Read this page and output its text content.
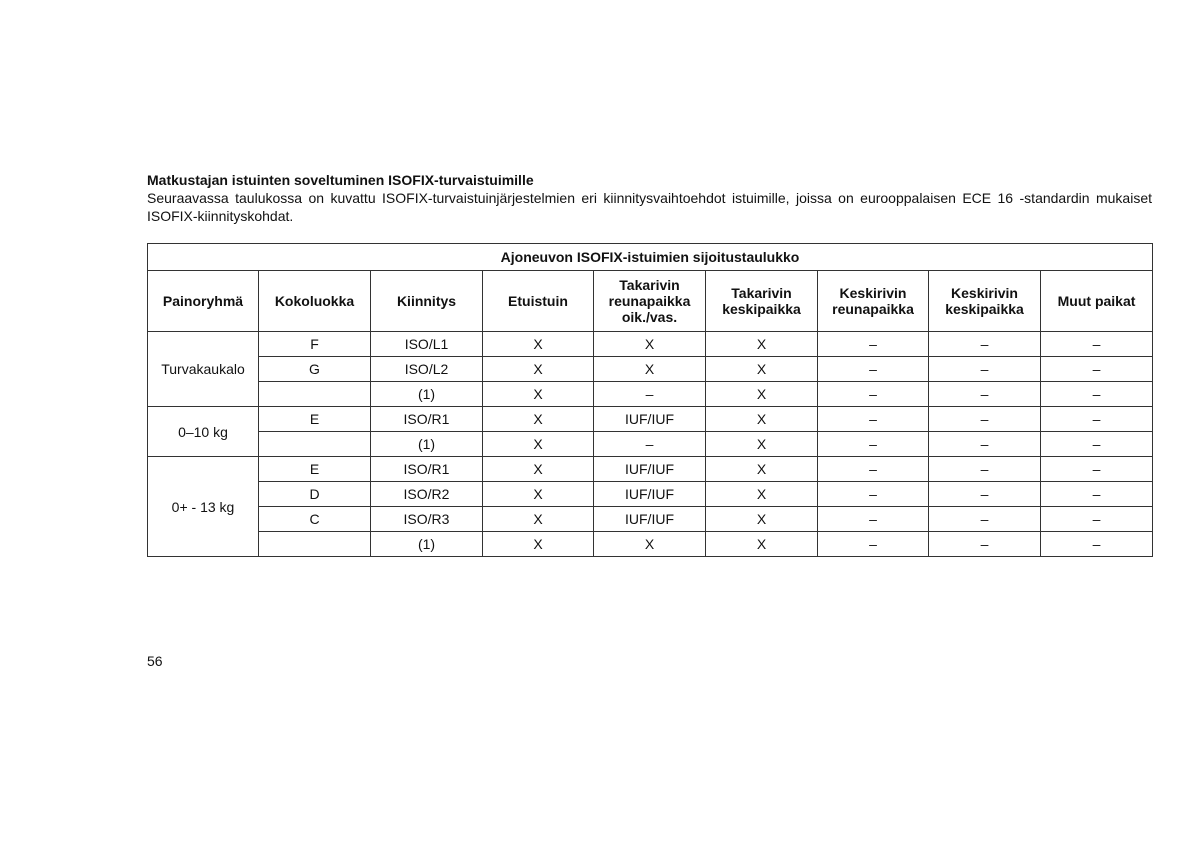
Matkustajan istuinten soveltuminen ISOFIX-turvaistuimille
Seuraavassa taulukossa on kuvattu ISOFIX-turvaistuinjärjestelmien eri kiinnitysvaihtoehdot istuimille, joissa on eurooppalaisen ECE 16 -standardin mukaiset ISOFIX-kiinnityskohdat.
Ajoneuvon ISOFIX-istuimien sijoitustaulukko								
Painoryhmä	Kokoluokka	Kiinnitys	Etuistuin	Takarivin reunapaikka oik./vas.	Takarivin keskipaikka	Keskirivin reunapaikka	Keskirivin keskipaikka	Muut paikat
Turvakaukalo	F	ISO/L1	X	X	X	–	–	–
	G	ISO/L2	X	X	X	–	–	–
		(1)	X	–	X	–	–	–
0–10 kg	E	ISO/R1	X	IUF/IUF	X	–	–	–
		(1)	X	–	X	–	–	–
0+ - 13 kg	E	ISO/R1	X	IUF/IUF	X	–	–	–
	D	ISO/R2	X	IUF/IUF	X	–	–	–
	C	ISO/R3	X	IUF/IUF	X	–	–	–
		(1)	X	X	X	–	–	–
56
